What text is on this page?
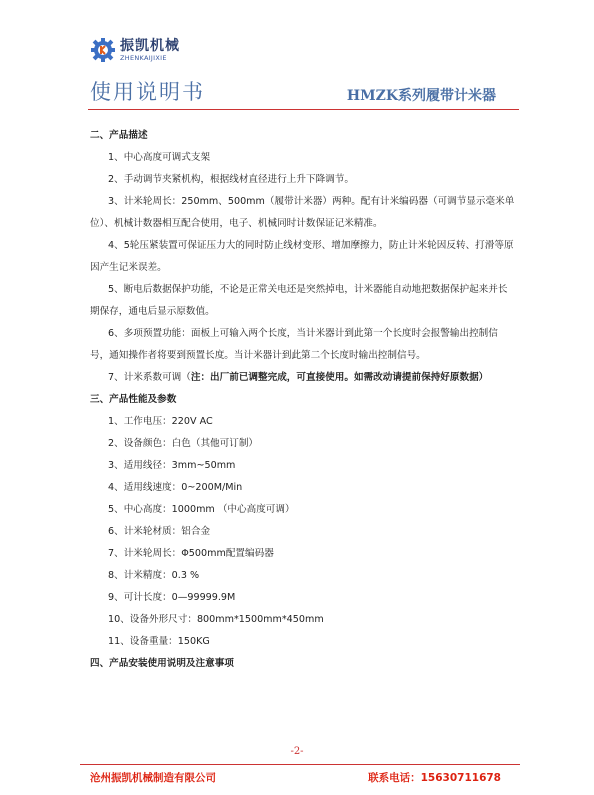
振凯机械
ZHENKAIJIXIE
使用说明书	HMZK系列履带计米器

二、产品描述

1、中心高度可调式支架

2、手动调节夹紧机构，根据线材直径进行上升下降调节。

3、计米轮周长：250mm、500mm（履带计米器）两种。配有计米编码器（可调节显示毫米单位）、机械计数器相互配合使用，电子、机械同时计数保证记米精准。

4、5轮压紧装置可保证压力大的同时防止线材变形、增加摩擦力，防止计米轮因反转、打滑等原因产生记米误差。

5、断电后数据保护功能，不论是正常关电还是突然掉电，计米器能自动地把数据保护起来并长期保存，通电后显示原数值。

6、多项预置功能：面板上可输入两个长度，当计米器计到此第一个长度时会报警输出控制信号，通知操作者将要到预置长度。当计米器计到此第二个长度时输出控制信号。

7、计米系数可调（注：出厂前已调整完成，可直接使用。如需改动请提前保持好原数据）

三、产品性能及参数

1、工作电压：220V AC

2、设备颜色：白色（其他可订制）

3、适用线径：3mm~50mm

4、适用线速度：0~200M/Min

5、中心高度：1000mm （中心高度可调）

6、计米轮材质：铝合金

7、计米轮周长：Φ500mm配置编码器

8、计米精度：0.3 %

9、可计长度：0—99999.9M

10、设备外形尺寸：800mm*1500mm*450mm

11、设备重量：150KG

四、产品安装使用说明及注意事项

-2-
沧州振凯机械制造有限公司	联系电话：15630711678
